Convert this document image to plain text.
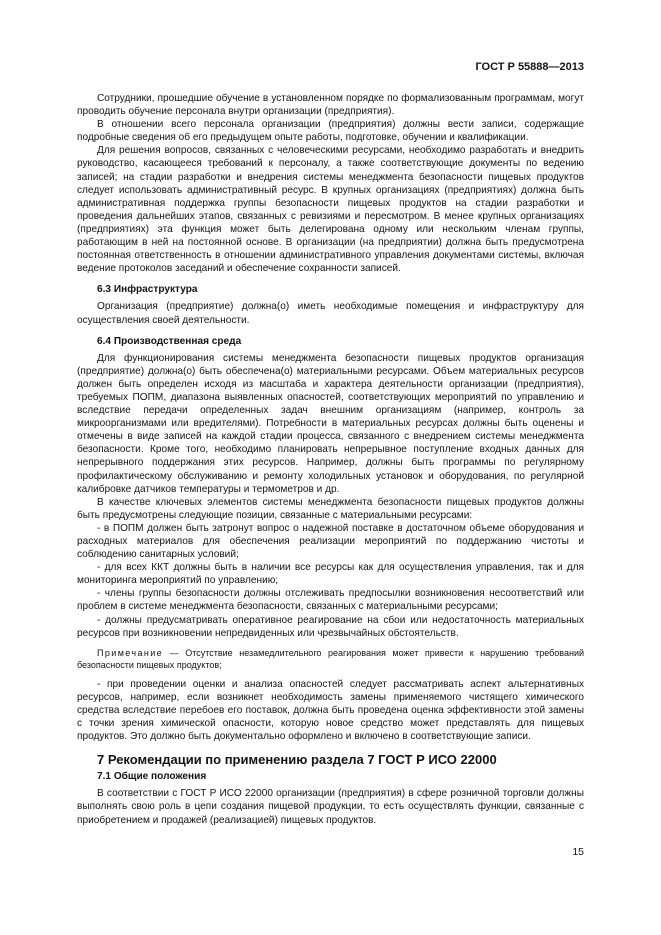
ГОСТ Р 55888—2013

Сотрудники, прошедшие обучение в установленном порядке по формализованным программам, могут проводить обучение персонала внутри организации (предприятия).

В отношении всего персонала организации (предприятия) должны вести записи, содержащие подробные сведения об его предыдущем опыте работы, подготовке, обучении и квалификации.

Для решения вопросов, связанных с человеческими ресурсами, необходимо разработать и внедрить руководство, касающееся требований к персоналу, а также соответствующие документы по ведению записей; на стадии разработки и внедрения системы менеджмента безопасности пищевых продуктов следует использовать административный ресурс. В крупных организациях (предприятиях) должна быть административная поддержка группы безопасности пищевых продуктов на стадии разработки и проведения дальнейших этапов, связанных с ревизиями и пересмотром. В менее крупных организациях (предприятиях) эта функция может быть делегирована одному или нескольким членам группы, работающим в ней на постоянной основе. В организации (на предприятии) должна быть предусмотрена постоянная ответственность в отношении административного управления документами системы, включая ведение протоколов заседаний и обеспечение сохранности записей.

6.3 Инфраструктура

Организация (предприятие) должна(о) иметь необходимые помещения и инфраструктуру для осуществления своей деятельности.

6.4 Производственная среда

Для функционирования системы менеджмента безопасности пищевых продуктов организация (предприятие) должна(о) быть обеспечена(о) материальными ресурсами. Объем материальных ресурсов должен быть определен исходя из масштаба и характера деятельности организации (предприятия), требуемых ПОПМ, диапазона выявленных опасностей, соответствующих мероприятий по управлению и вследствие передачи определенных задач внешним организациям (например, контроль за микроорганизмами или вредителями). Потребности в материальных ресурсах должны быть оценены и отмечены в виде записей на каждой стадии процесса, связанного с внедрением системы менеджмента безопасности. Кроме того, необходимо планировать непрерывное поступление входных данных для непрерывного поддержания этих ресурсов. Например, должны быть программы по регулярному профилактическому обслуживанию и ремонту холодильных установок и оборудования, по регулярной калибровке датчиков температуры и термометров и др.

В качестве ключевых элементов системы менеджмента безопасности пищевых продуктов должны быть предусмотрены следующие позиции, связанные с материальными ресурсами:

- в ПОПМ должен быть затронут вопрос о надежной поставке в достаточном объеме оборудования и расходных материалов для обеспечения реализации мероприятий по поддержанию чистоты и соблюдению санитарных условий;

- для всех ККТ должны быть в наличии все ресурсы как для осуществления управления, так и для мониторинга мероприятий по управлению;

- члены группы безопасности должны отслеживать предпосылки возникновения несоответствий или проблем в системе менеджмента безопасности, связанных с материальными ресурсами;

- должны предусматривать оперативное реагирование на сбои или недостаточность материальных ресурсов при возникновении непредвиденных или чрезвычайных обстоятельств.

Примечание — Отсутствие незамедлительного реагирования может привести к нарушению требований безопасности пищевых продуктов;

- при проведении оценки и анализа опасностей следует рассматривать аспект альтернативных ресурсов, например, если возникнет необходимость замены применяемого чистящего химического средства вследствие перебоев его поставок, должна быть проведена оценка эффективности этой замены с точки зрения химической опасности, которую новое средство может представлять для пищевых продуктов. Это должно быть документально оформлено и включено в соответствующие записи.

7 Рекомендации по применению раздела 7 ГОСТ Р ИСО 22000

7.1 Общие положения

В соответствии с ГОСТ Р ИСО 22000 организации (предприятия) в сфере розничной торговли должны выполнять свою роль в цепи создания пищевой продукции, то есть осуществлять функции, связанные с приобретением и продажей (реализацией) пищевых продуктов.

15
